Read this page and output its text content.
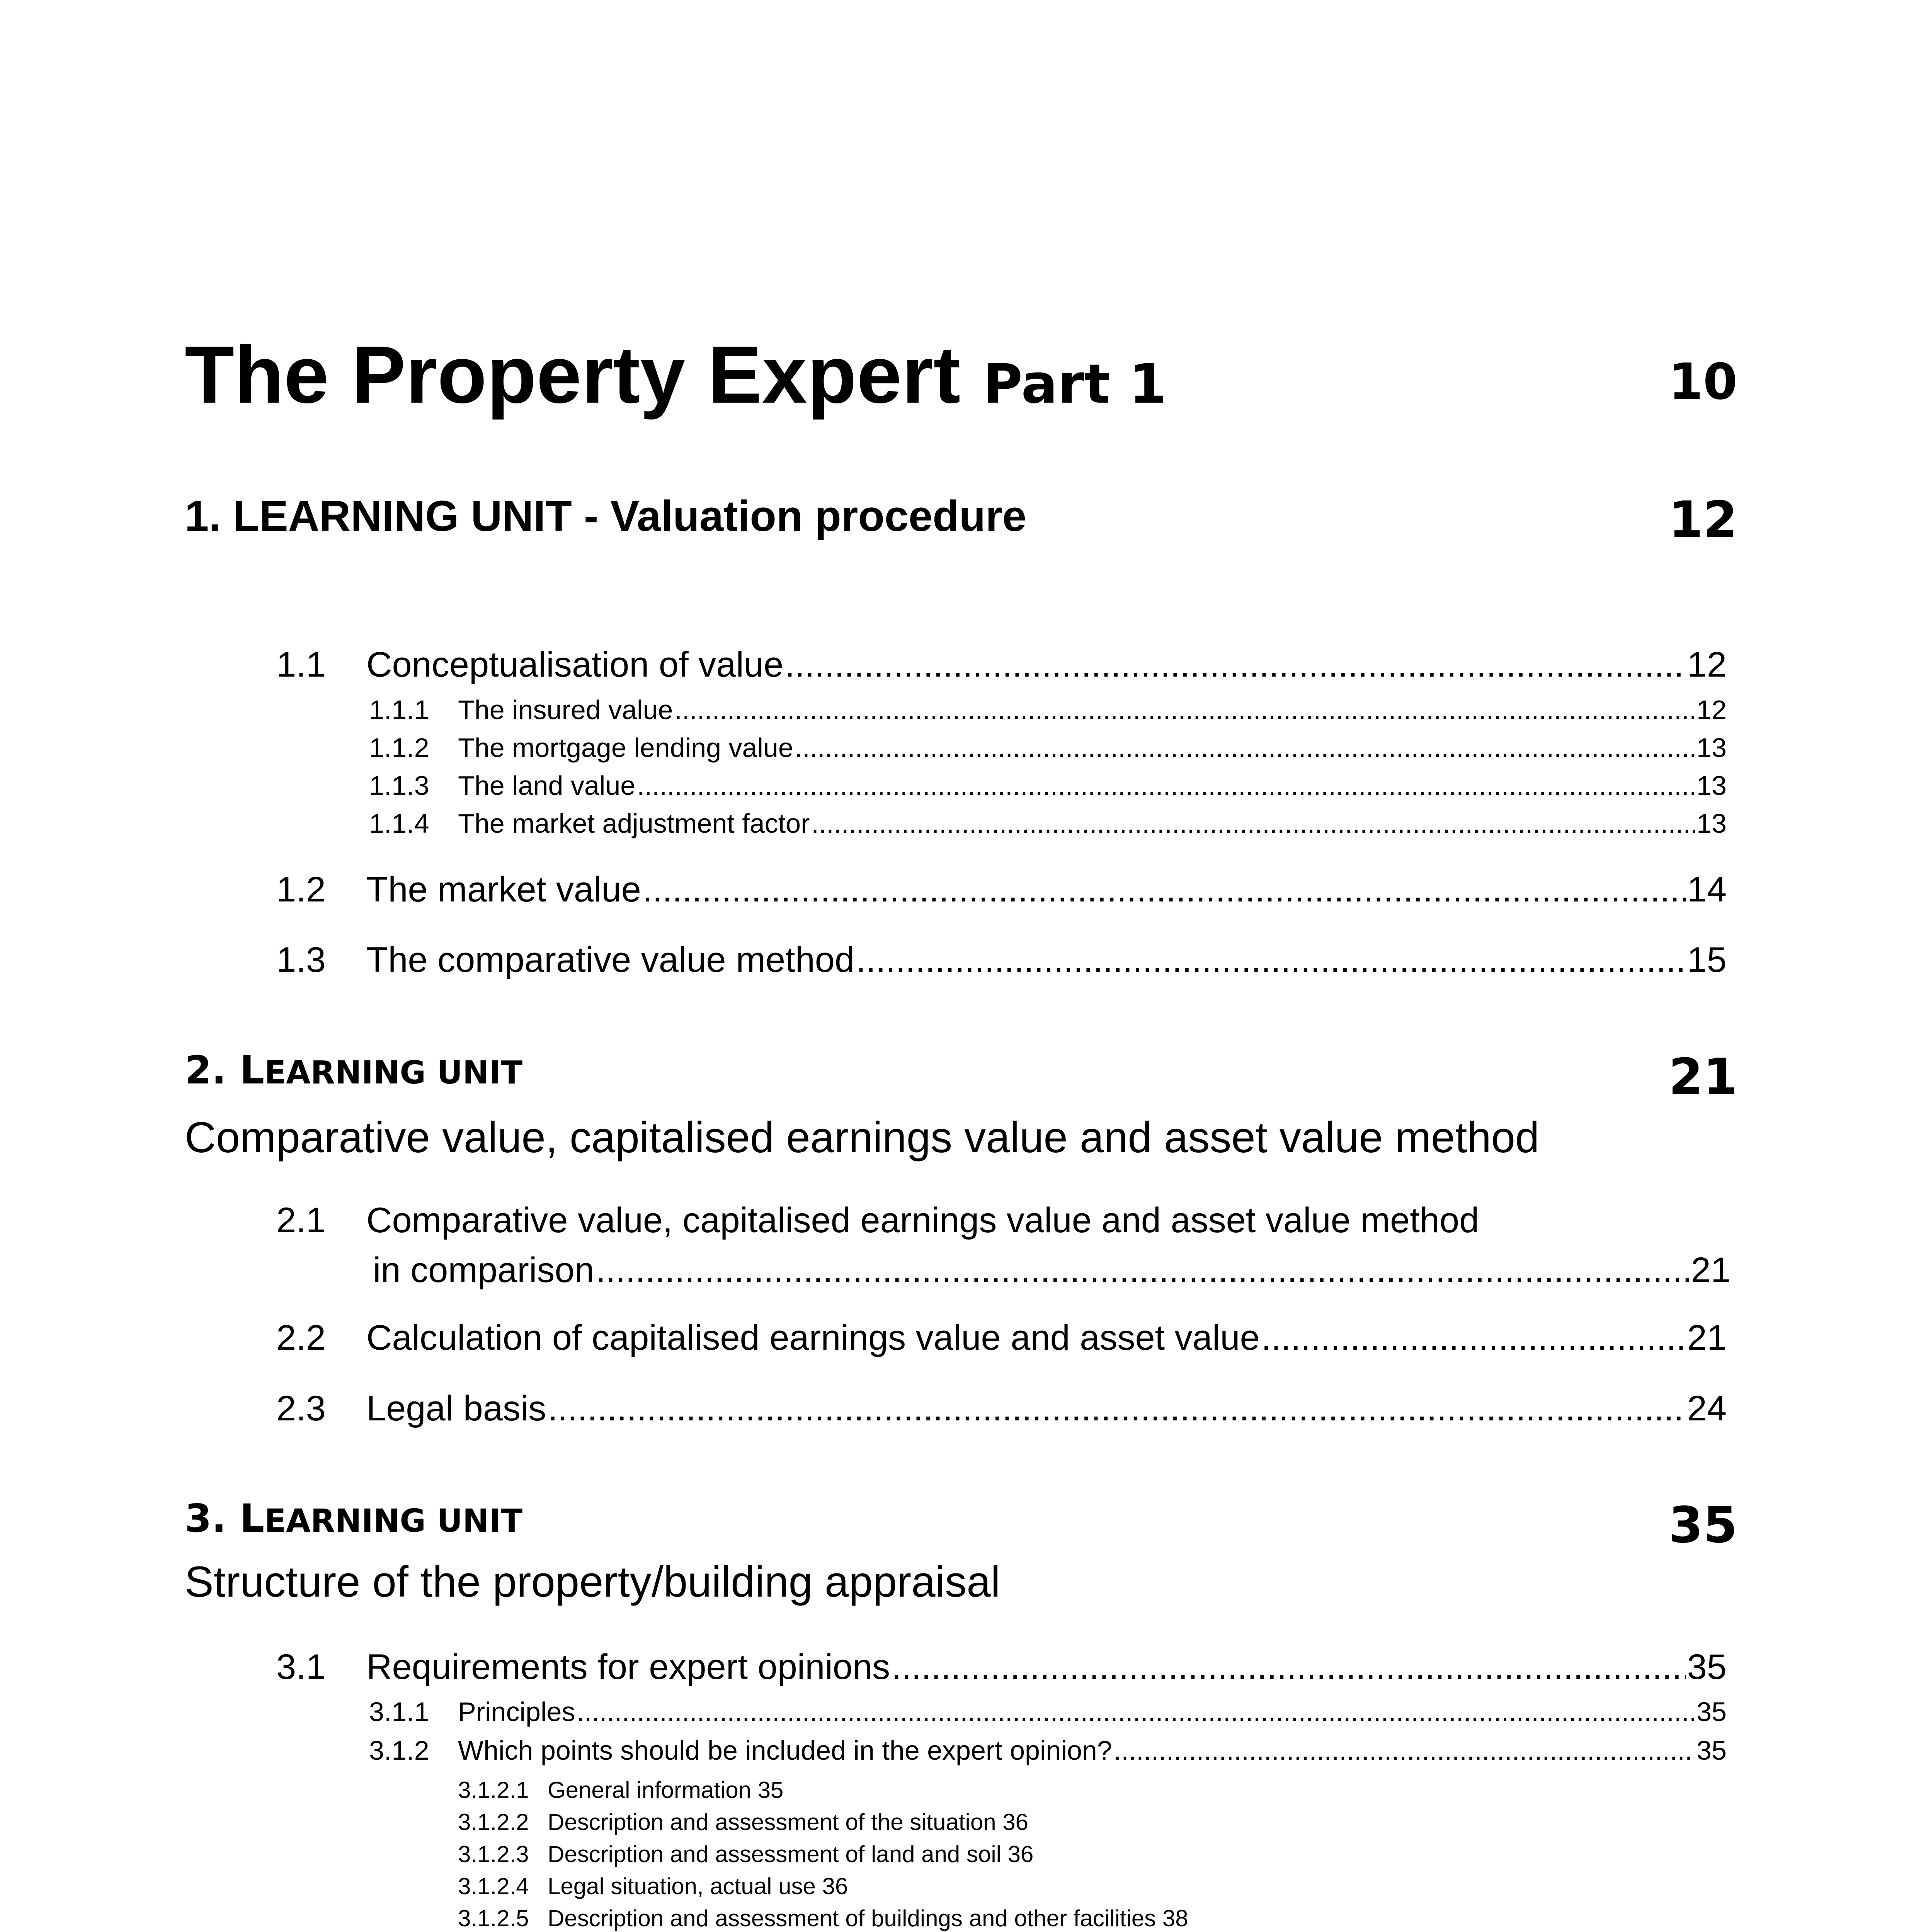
The Property Expert Part 1	10
1. LEARNING UNIT - Valuation procedure	12
1.1	Conceptualisation of value .....	12
1.1.1	The insured value .....	12
1.1.2	The mortgage lending value .....	13
1.1.3	The land value .....	13
1.1.4	The market adjustment factor .....	13
1.2	The market value .....	14
1.3	The comparative value method .....	15
2. LEARNING UNIT	21
Comparative value, capitalised earnings value and asset value method
2.1 Comparative value, capitalised earnings value and asset value method
in comparison .....	21
2.2	Calculation of capitalised earnings value and asset value .....	21
2.3	Legal basis .....	24
3. LEARNING UNIT	35
Structure of the property/building appraisal
3.1	Requirements for expert opinions .....	35
3.1.1	Principles .....	35
3.1.2	Which points should be included in the expert opinion? .....	35
3.1.2.1 General information 35
3.1.2.2 Description and assessment of the situation 36
3.1.2.3 Description and assessment of land and soil 36
3.1.2.4 Legal situation, actual use 36
3.1.2.5 Description and assessment of buildings and other facilities 38
